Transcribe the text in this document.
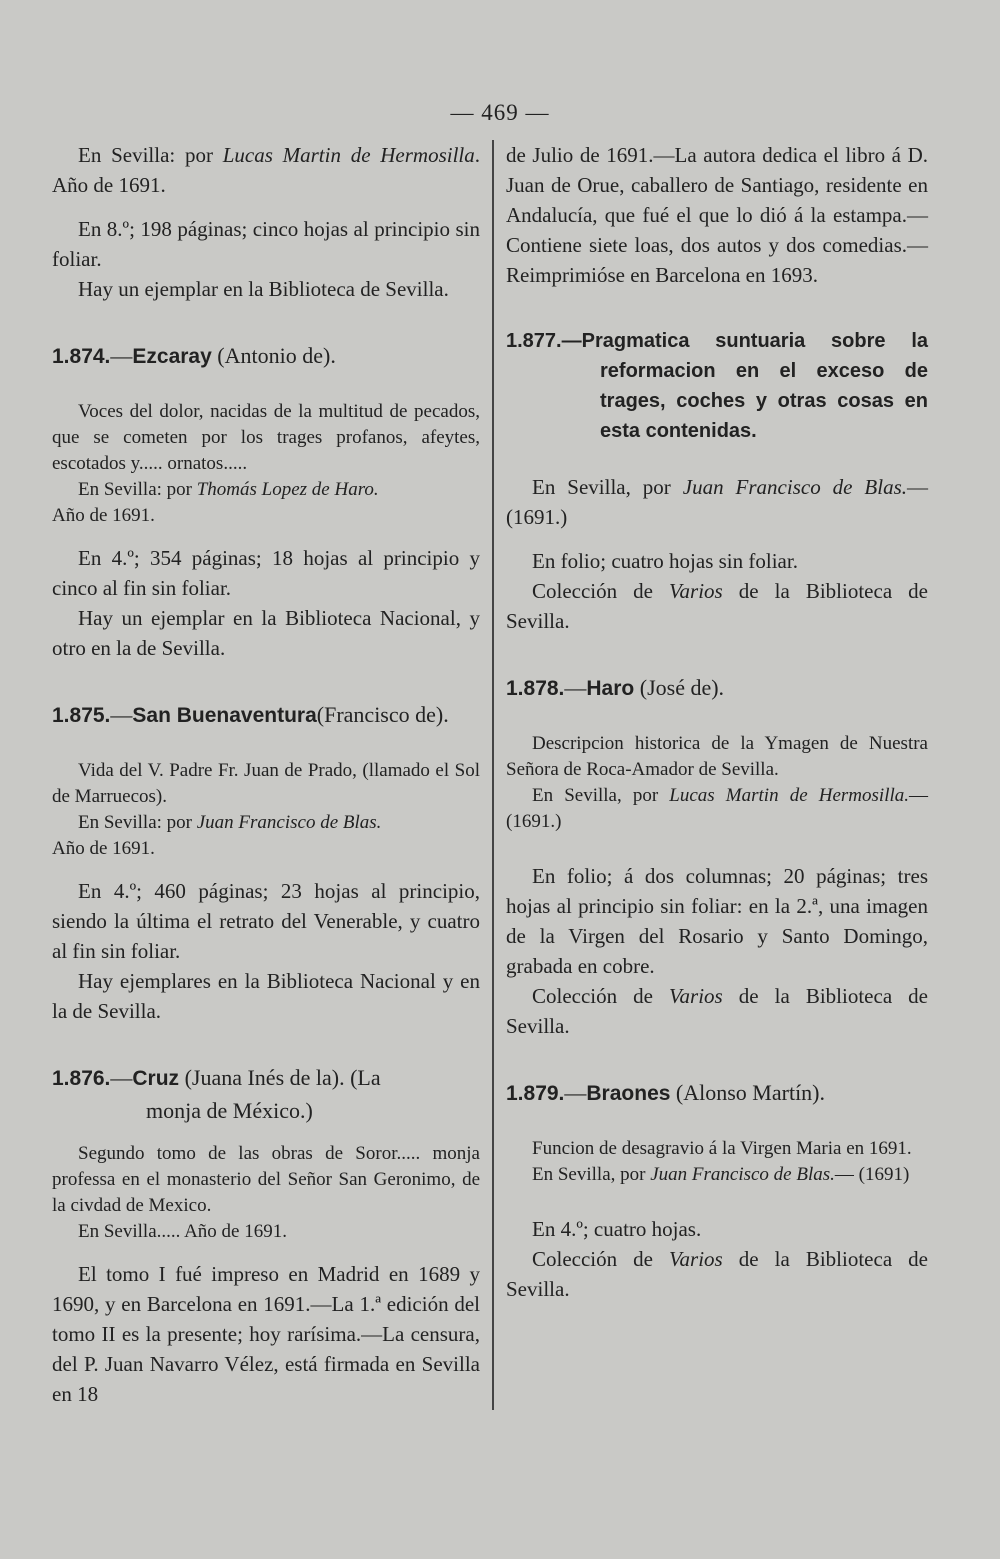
— 469 —

En Sevilla: por Lucas Martin de Hermosilla. Año de 1691.

En 8.º; 198 páginas; cinco hojas al principio sin foliar.

Hay un ejemplar en la Biblioteca de Sevilla.

1.874.—Ezcaray (Antonio de).

Voces del dolor, nacidas de la multitud de pecados, que se cometen por los trages profanos, afeytes, escotados y..... ornatos.....

En Sevilla: por Thomás Lopez de Haro.

Año de 1691.

En 4.º; 354 páginas; 18 hojas al principio y cinco al fin sin foliar.

Hay un ejemplar en la Biblioteca Nacional, y otro en la de Sevilla.

1.875.—San Buenaventura(Francisco de).

Vida del V. Padre Fr. Juan de Prado, (llamado el Sol de Marruecos).

En Sevilla: por Juan Francisco de Blas.

Año de 1691.

En 4.º; 460 páginas; 23 hojas al principio, siendo la última el retrato del Venerable, y cuatro al fin sin foliar.

Hay ejemplares en la Biblioteca Nacional y en la de Sevilla.

1.876.—Cruz (Juana Inés de la). (La

monja de México.)

Segundo tomo de las obras de Soror..... monja professa en el monasterio del Señor San Geronimo, de la civdad de Mexico.

En Sevilla..... Año de 1691.

El tomo I fué impreso en Madrid en 1689 y 1690, y en Barcelona en 1691.—La 1.ª edición del tomo II es la presente; hoy rarísima.—La censura, del P. Juan Navarro Vélez, está firmada en Sevilla en 18

de Julio de 1691.—La autora dedica el libro á D. Juan de Orue, caballero de Santiago, residente en Andalucía, que fué el que lo dió á la estampa.—Contiene siete loas, dos autos y dos comedias.—Reimprimióse en Barcelona en 1693.

1.877.—Pragmatica suntuaria sobre la reformacion en el exceso de trages, coches y otras cosas en esta contenidas.

En Sevilla, por Juan Francisco de Blas.— (1691.)

En folio; cuatro hojas sin foliar.

Colección de Varios de la Biblioteca de Sevilla.

1.878.—Haro (José de).

Descripcion historica de la Ymagen de Nuestra Señora de Roca-Amador de Sevilla.

En Sevilla, por Lucas Martin de Hermosilla.—(1691.)

En folio; á dos columnas; 20 páginas; tres hojas al principio sin foliar: en la 2.ª, una imagen de la Virgen del Rosario y Santo Domingo, grabada en cobre.

Colección de Varios de la Biblioteca de Sevilla.

1.879.—Braones (Alonso Martín).

Funcion de desagravio á la Virgen Maria en 1691.

En Sevilla, por Juan Francisco de Blas.— (1691)

En 4.º; cuatro hojas.

Colección de Varios de la Biblioteca de Sevilla.
